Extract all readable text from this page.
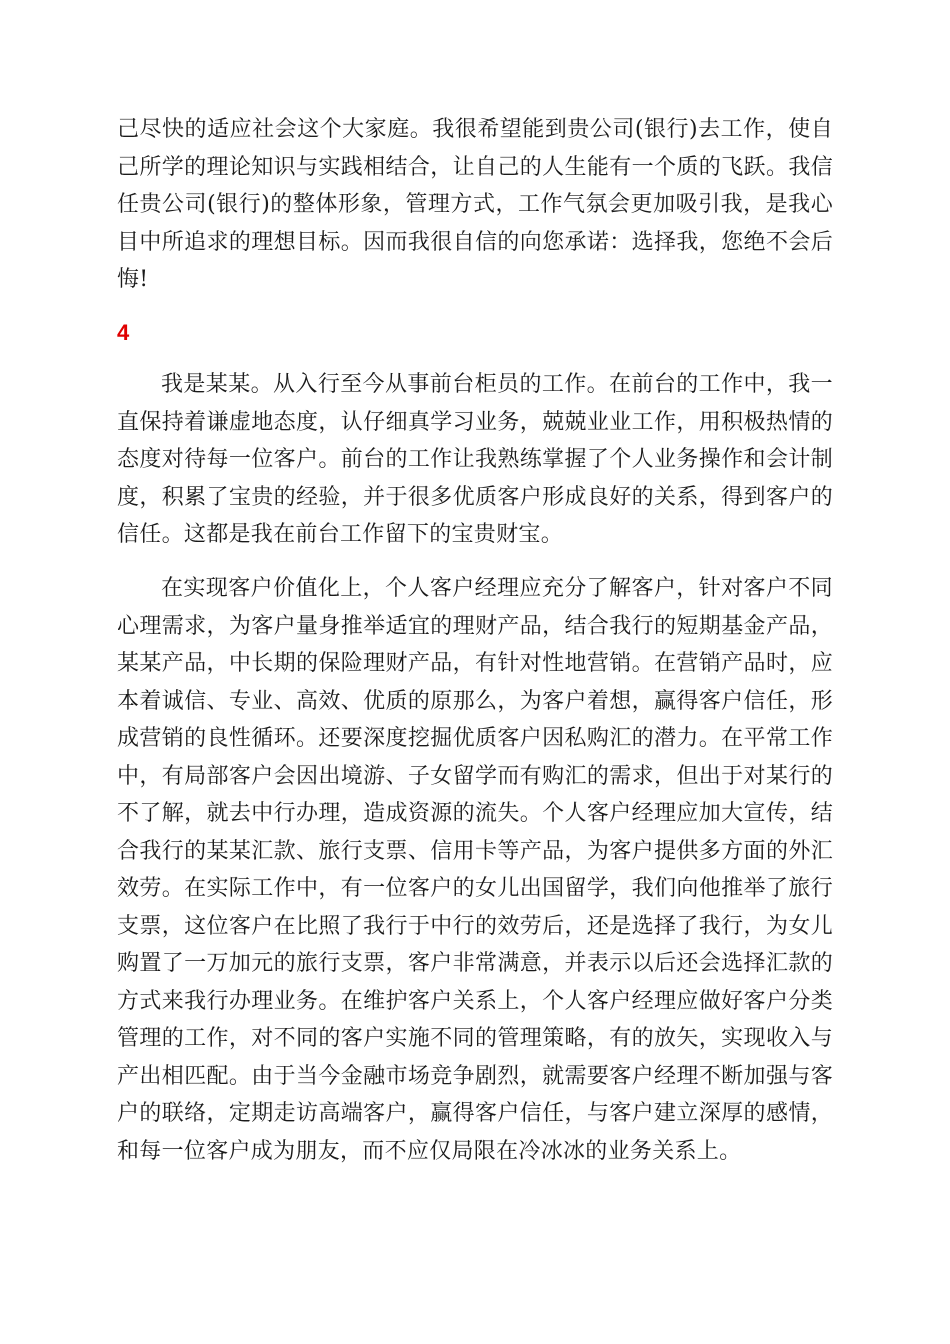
己尽快的适应社会这个大家庭。我很希望能到贵公司(银行)去工作，使自
己所学的理论知识与实践相结合，让自己的人生能有一个质的飞跃。我信
任贵公司(银行)的整体形象，管理方式，工作气氛会更加吸引我，是我心
目中所追求的理想目标。因而我很自信的向您承诺：选择我，您绝不会后
悔!
4
我是某某。从入行至今从事前台柜员的工作。在前台的工作中，我一
直保持着谦虚地态度，认仔细真学习业务，兢兢业业工作，用积极热情的
态度对待每一位客户。前台的工作让我熟练掌握了个人业务操作和会计制
度，积累了宝贵的经验，并于很多优质客户形成良好的关系，得到客户的
信任。这都是我在前台工作留下的宝贵财宝。
在实现客户价值化上，个人客户经理应充分了解客户，针对客户不同
心理需求，为客户量身推举适宜的理财产品，结合我行的短期基金产品，
某某产品，中长期的保险理财产品，有针对性地营销。在营销产品时，应
本着诚信、专业、高效、优质的原那么，为客户着想，赢得客户信任，形
成营销的良性循环。还要深度挖掘优质客户因私购汇的潜力。在平常工作
中，有局部客户会因出境游、子女留学而有购汇的需求，但出于对某行的
不了解，就去中行办理，造成资源的流失。个人客户经理应加大宣传，结
合我行的某某汇款、旅行支票、信用卡等产品，为客户提供多方面的外汇
效劳。在实际工作中，有一位客户的女儿出国留学，我们向他推举了旅行
支票，这位客户在比照了我行于中行的效劳后，还是选择了我行，为女儿
购置了一万加元的旅行支票，客户非常满意，并表示以后还会选择汇款的
方式来我行办理业务。在维护客户关系上，个人客户经理应做好客户分类
管理的工作，对不同的客户实施不同的管理策略，有的放矢，实现收入与
产出相匹配。由于当今金融市场竞争剧烈，就需要客户经理不断加强与客
户的联络，定期走访高端客户，赢得客户信任，与客户建立深厚的感情，
和每一位客户成为朋友，而不应仅局限在冷冰冰的业务关系上。
